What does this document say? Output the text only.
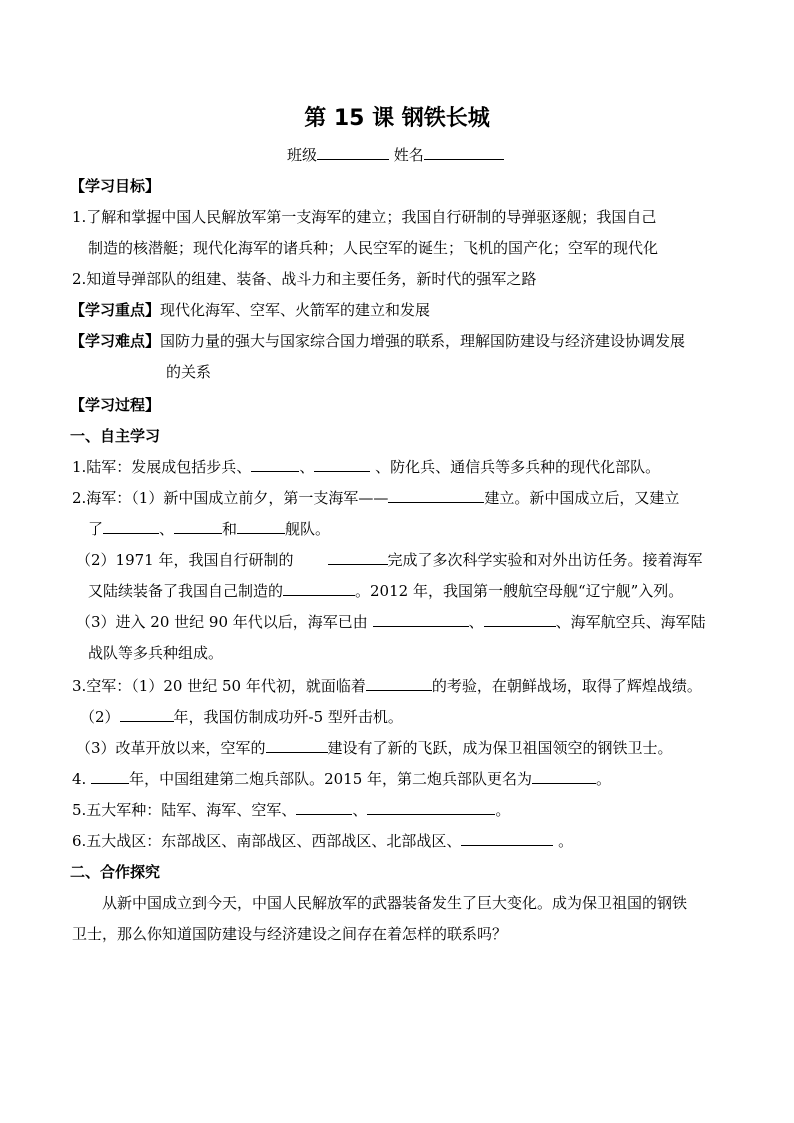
第 15 课 钢铁长城
班级	姓名
【学习目标】
1.了解和掌握中国人民解放军第一支海军的建立；我国自行研制的导弹驱逐舰；我国自己
制造的核潜艇；现代化海军的诸兵种；人民空军的诞生；飞机的国产化；空军的现代化
2.知道导弹部队的组建、装备、战斗力和主要任务，新时代的强军之路
【学习重点】现代化海军、空军、火箭军的建立和发展
【学习难点】国防力量的强大与国家综合国力增强的联系，理解国防建设与经济建设协调发展
的关系
【学习过程】
一、自主学习
1.陆军：发展成包括步兵、	、	、防化兵、通信兵等多兵种的现代化部队。
2.海军：（1）新中国成立前夕，第一支海军——	建立。新中国成立后，又建立
了	、	和	舰队。
（2）1971 年，我国自行研制的	完成了多次科学实验和对外出访任务。接着海军
又陆续装备了我国自己制造的	。2012 年，我国第一艘航空母舰“辽宁舰”入列。
（3）进入 20 世纪 90 年代以后，海军已由	、	、海军航空兵、海军陆
战队等多兵种组成。
3.空军：（1）20 世纪 50 年代初，就面临着	的考验，在朝鲜战场，取得了辉煌战绩。
（2）	年，我国仿制成功歼-5 型歼击机。
（3）改革开放以来，空军的	建设有了新的飞跃，成为保卫祖国领空的钢铁卫士。
4.	年，中国组建第二炮兵部队。2015 年，第二炮兵部队更名为	。
5.五大军种：陆军、海军、空军、	、	。
6.五大战区：东部战区、南部战区、西部战区、北部战区、	。
二、合作探究
从新中国成立到今天，中国人民解放军的武器装备发生了巨大变化。成为保卫祖国的钢铁
卫士，那么你知道国防建设与经济建设之间存在着怎样的联系吗？
